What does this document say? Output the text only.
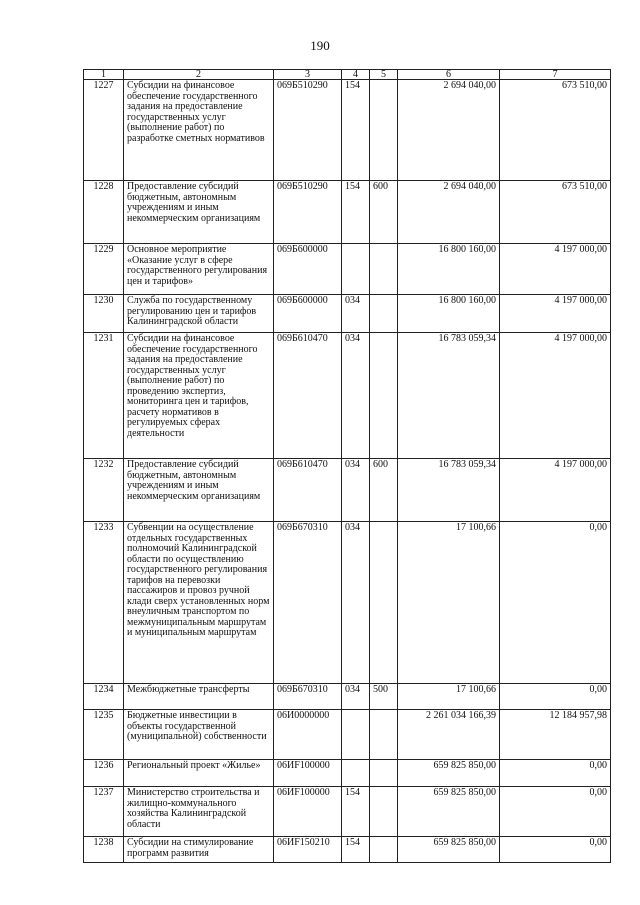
190
1	2	3	4	5	6	7
1227	Субсидии на финансовое обеспечение государственного задания на предоставление государственных услуг (выполнение работ) по разработке сметных нормативов	069Б510290	154		2 694 040,00	673 510,00
1228	Предоставление субсидий бюджетным, автономным учреждениям и иным некоммерческим организациям	069Б510290	154	600	2 694 040,00	673 510,00
1229	Основное мероприятие «Оказание услуг в сфере государственного регулирования цен и тарифов»	069Б600000			16 800 160,00	4 197 000,00
1230	Служба по государственному регулированию цен и тарифов Калининградской области	069Б600000	034		16 800 160,00	4 197 000,00
1231	Субсидии на финансовое обеспечение государственного задания на предоставление государственных услуг (выполнение работ) по проведению экспертиз, мониторинга цен и тарифов, расчету нормативов в регулируемых сферах деятельности	069Б610470	034		16 783 059,34	4 197 000,00
1232	Предоставление субсидий бюджетным, автономным учреждениям и иным некоммерческим организациям	069Б610470	034	600	16 783 059,34	4 197 000,00
1233	Субвенции на осуществление отдельных государственных полномочий Калининградской области по осуществлению государственного регулирования тарифов на перевозки пассажиров и провоз ручной клади сверх установленных норм внеуличным транспортом по межмуниципальным маршрутам и муниципальным маршрутам	069Б670310	034		17 100,66	0,00
1234	Межбюджетные трансферты	069Б670310	034	500	17 100,66	0,00
1235	Бюджетные инвестиции в объекты государственной (муниципальной) собственности	06И0000000			2 261 034 166,39	12 184 957,98
1236	Региональный проект «Жилье»	06ИF100000			659 825 850,00	0,00
1237	Министерство строительства и жилищно-коммунального хозяйства Калининградской области	06ИF100000	154		659 825 850,00	0,00
1238	Субсидии на стимулирование программ развития	06ИF150210	154		659 825 850,00	0,00
